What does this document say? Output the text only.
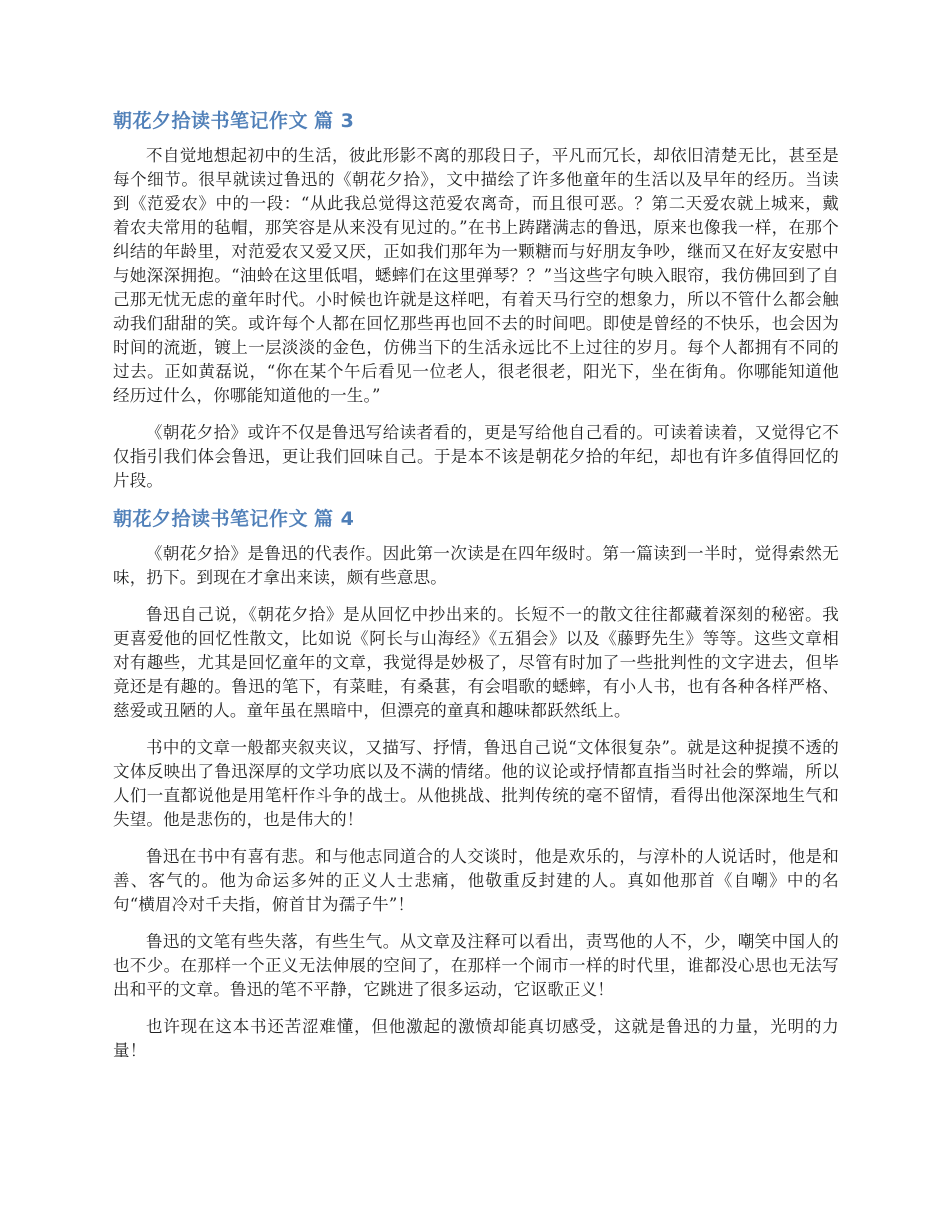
朝花夕拾读书笔记作文 篇 3

不自觉地想起初中的生活，彼此形影不离的那段日子，平凡而冗长，却依旧清楚无比，甚至是每个细节。很早就读过鲁迅的《朝花夕拾》，文中描绘了许多他童年的生活以及早年的经历。当读到《范爱农》中的一段：“从此我总觉得这范爱农离奇，而且很可恶。？第二天爱农就上城来，戴着农夫常用的毡帽，那笑容是从来没有见过的。”在书上踌躇满志的鲁迅，原来也像我一样，在那个纠结的年龄里，对范爱农又爱又厌，正如我们那年为一颗糖而与好朋友争吵，继而又在好友安慰中与她深深拥抱。“油蛉在这里低唱，蟋蟀们在这里弹琴？？”当这些字句映入眼帘，我仿佛回到了自己那无忧无虑的童年时代。小时候也许就是这样吧，有着天马行空的想象力，所以不管什么都会触动我们甜甜的笑。或许每个人都在回忆那些再也回不去的时间吧。即使是曾经的不快乐，也会因为时间的流逝，镀上一层淡淡的金色，仿佛当下的生活永远比不上过往的岁月。每个人都拥有不同的过去。正如黄磊说，“你在某个午后看见一位老人，很老很老，阳光下，坐在街角。你哪能知道他经历过什么，你哪能知道他的一生。”

《朝花夕拾》或许不仅是鲁迅写给读者看的，更是写给他自己看的。可读着读着，又觉得它不仅指引我们体会鲁迅，更让我们回味自己。于是本不该是朝花夕拾的年纪，却也有许多值得回忆的片段。

朝花夕拾读书笔记作文 篇 4

《朝花夕拾》是鲁迅的代表作。因此第一次读是在四年级时。第一篇读到一半时，觉得索然无味，扔下。到现在才拿出来读，颇有些意思。

鲁迅自己说，《朝花夕拾》是从回忆中抄出来的。长短不一的散文往往都藏着深刻的秘密。我更喜爱他的回忆性散文，比如说《阿长与山海经》《五猖会》以及《藤野先生》等等。这些文章相对有趣些，尤其是回忆童年的文章，我觉得是妙极了，尽管有时加了一些批判性的文字进去，但毕竟还是有趣的。鲁迅的笔下，有菜畦，有桑葚，有会唱歌的蟋蟀，有小人书，也有各种各样严格、慈爱或丑陋的人。童年虽在黑暗中，但漂亮的童真和趣味都跃然纸上。

书中的文章一般都夹叙夹议，又描写、抒情，鲁迅自己说“文体很复杂”。就是这种捉摸不透的文体反映出了鲁迅深厚的文学功底以及不满的情绪。他的议论或抒情都直指当时社会的弊端，所以人们一直都说他是用笔杆作斗争的战士。从他挑战、批判传统的毫不留情，看得出他深深地生气和失望。他是悲伤的，也是伟大的！

鲁迅在书中有喜有悲。和与他志同道合的人交谈时，他是欢乐的，与淳朴的人说话时，他是和善、客气的。他为命运多舛的正义人士悲痛，他敬重反封建的人。真如他那首《自嘲》中的名句“横眉冷对千夫指，俯首甘为孺子牛”！

鲁迅的文笔有些失落，有些生气。从文章及注释可以看出，责骂他的人不，少，嘲笑中国人的也不少。在那样一个正义无法伸展的空间了，在那样一个闹市一样的时代里，谁都没心思也无法写出和平的文章。鲁迅的笔不平静，它跳进了很多运动，它讴歌正义！

也许现在这本书还苦涩难懂，但他激起的激愤却能真切感受，这就是鲁迅的力量，光明的力量！
